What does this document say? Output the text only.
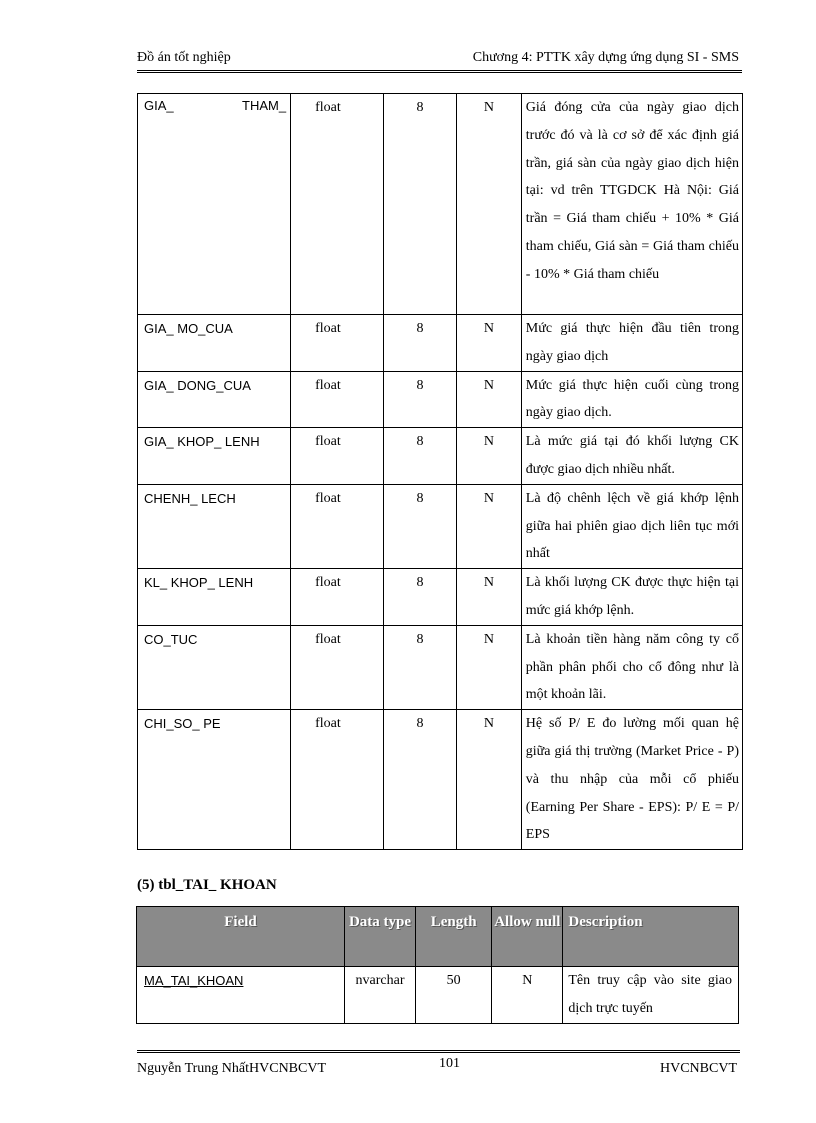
Đồ án tốt nghiệp	Chương 4: PTTK xây dựng ứng dụng SI - SMS
GIA_ THAM_	float	8	N	Giá đóng cửa của ngày giao dịch trước đó và là cơ sở để xác định giá trần, giá sàn của ngày giao dịch hiện tại: vd trên TTGDCK Hà Nội: Giá trần = Giá tham chiếu + 10% * Giá tham chiếu, Giá sàn = Giá tham chiếu - 10% * Giá tham chiếu
GIA_ MO_CUA	float	8	N	Mức giá thực hiện đầu tiên trong ngày giao dịch
GIA_ DONG_CUA	float	8	N	Mức giá thực hiện cuối cùng trong ngày giao dịch.
GIA_ KHOP_ LENH	float	8	N	Là mức giá tại đó khối lượng CK được giao dịch nhiều nhất.
CHENH_ LECH	float	8	N	Là độ chênh lệch về giá khớp lệnh giữa hai phiên giao dịch liên tục mới nhất
KL_ KHOP_ LENH	float	8	N	Là khối lượng CK được thực hiện tại mức giá khớp lệnh.
CO_TUC	float	8	N	Là khoản tiền hàng năm công ty cổ phần phân phối cho cổ đông như là một khoản lãi.
CHI_SO_ PE	float	8	N	Hệ số P/ E đo lường mối quan hệ giữa giá thị trường (Market Price - P) và thu nhập của mỗi cổ phiếu (Earning Per Share - EPS): P/ E = P/ EPS
(5) tbl_TAI_ KHOAN
Field	Data type	Length	Allow null	Description
MA_TAI_KHOAN	nvarchar	50	N	Tên truy cập vào site giao dịch trực tuyến
Nguyễn Trung NhấtHVCNBCVT	101	HVCNBCVT
